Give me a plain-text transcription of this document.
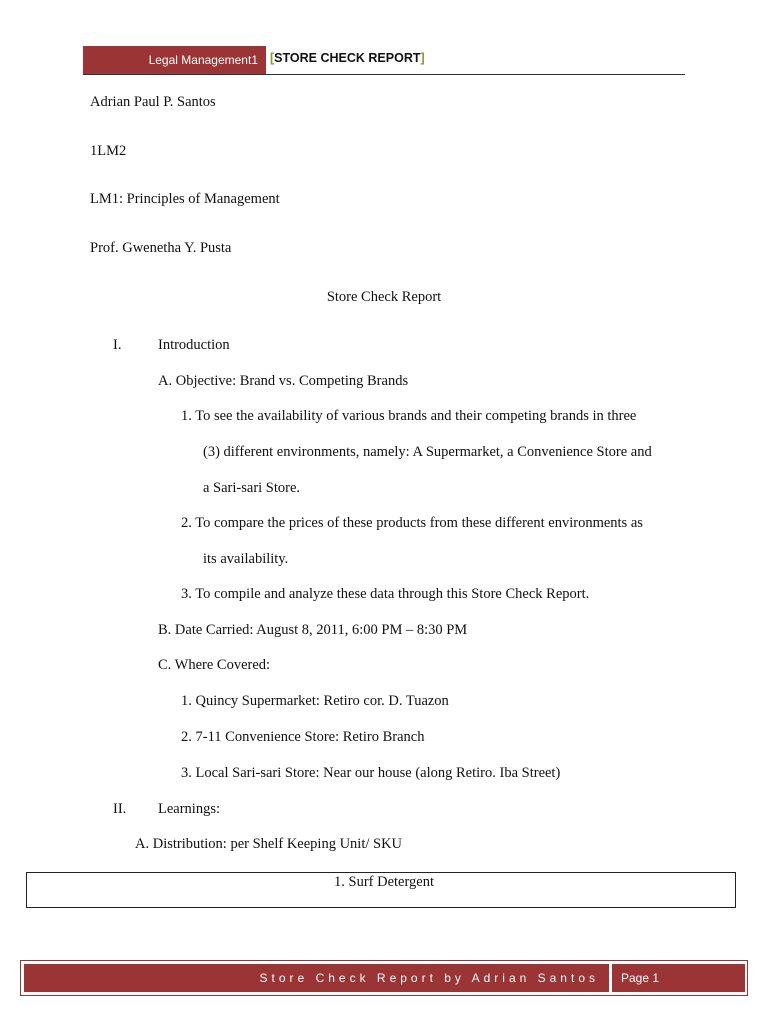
Legal Management1 [STORE CHECK REPORT]
Adrian Paul P. Santos
1LM2
LM1: Principles of Management
Prof. Gwenetha Y. Pusta
Store Check Report
I.	Introduction
A. Objective: Brand vs. Competing Brands
1. To see the availability of various brands and their competing brands in three
(3) different environments, namely: A Supermarket, a Convenience Store and
a Sari-sari Store.
2. To compare the prices of these products from these different environments as
its availability.
3. To compile and analyze these data through this Store Check Report.
B. Date Carried: August 8, 2011, 6:00 PM – 8:30 PM
C. Where Covered:
1. Quincy Supermarket: Retiro cor. D. Tuazon
2. 7-11 Convenience Store: Retiro Branch
3. Local Sari-sari Store: Near our house (along Retiro. Iba Street)
II. Learnings:
A. Distribution: per Shelf Keeping Unit/ SKU
1. Surf Detergent
Store Check Report by Adrian Santos Page
1
